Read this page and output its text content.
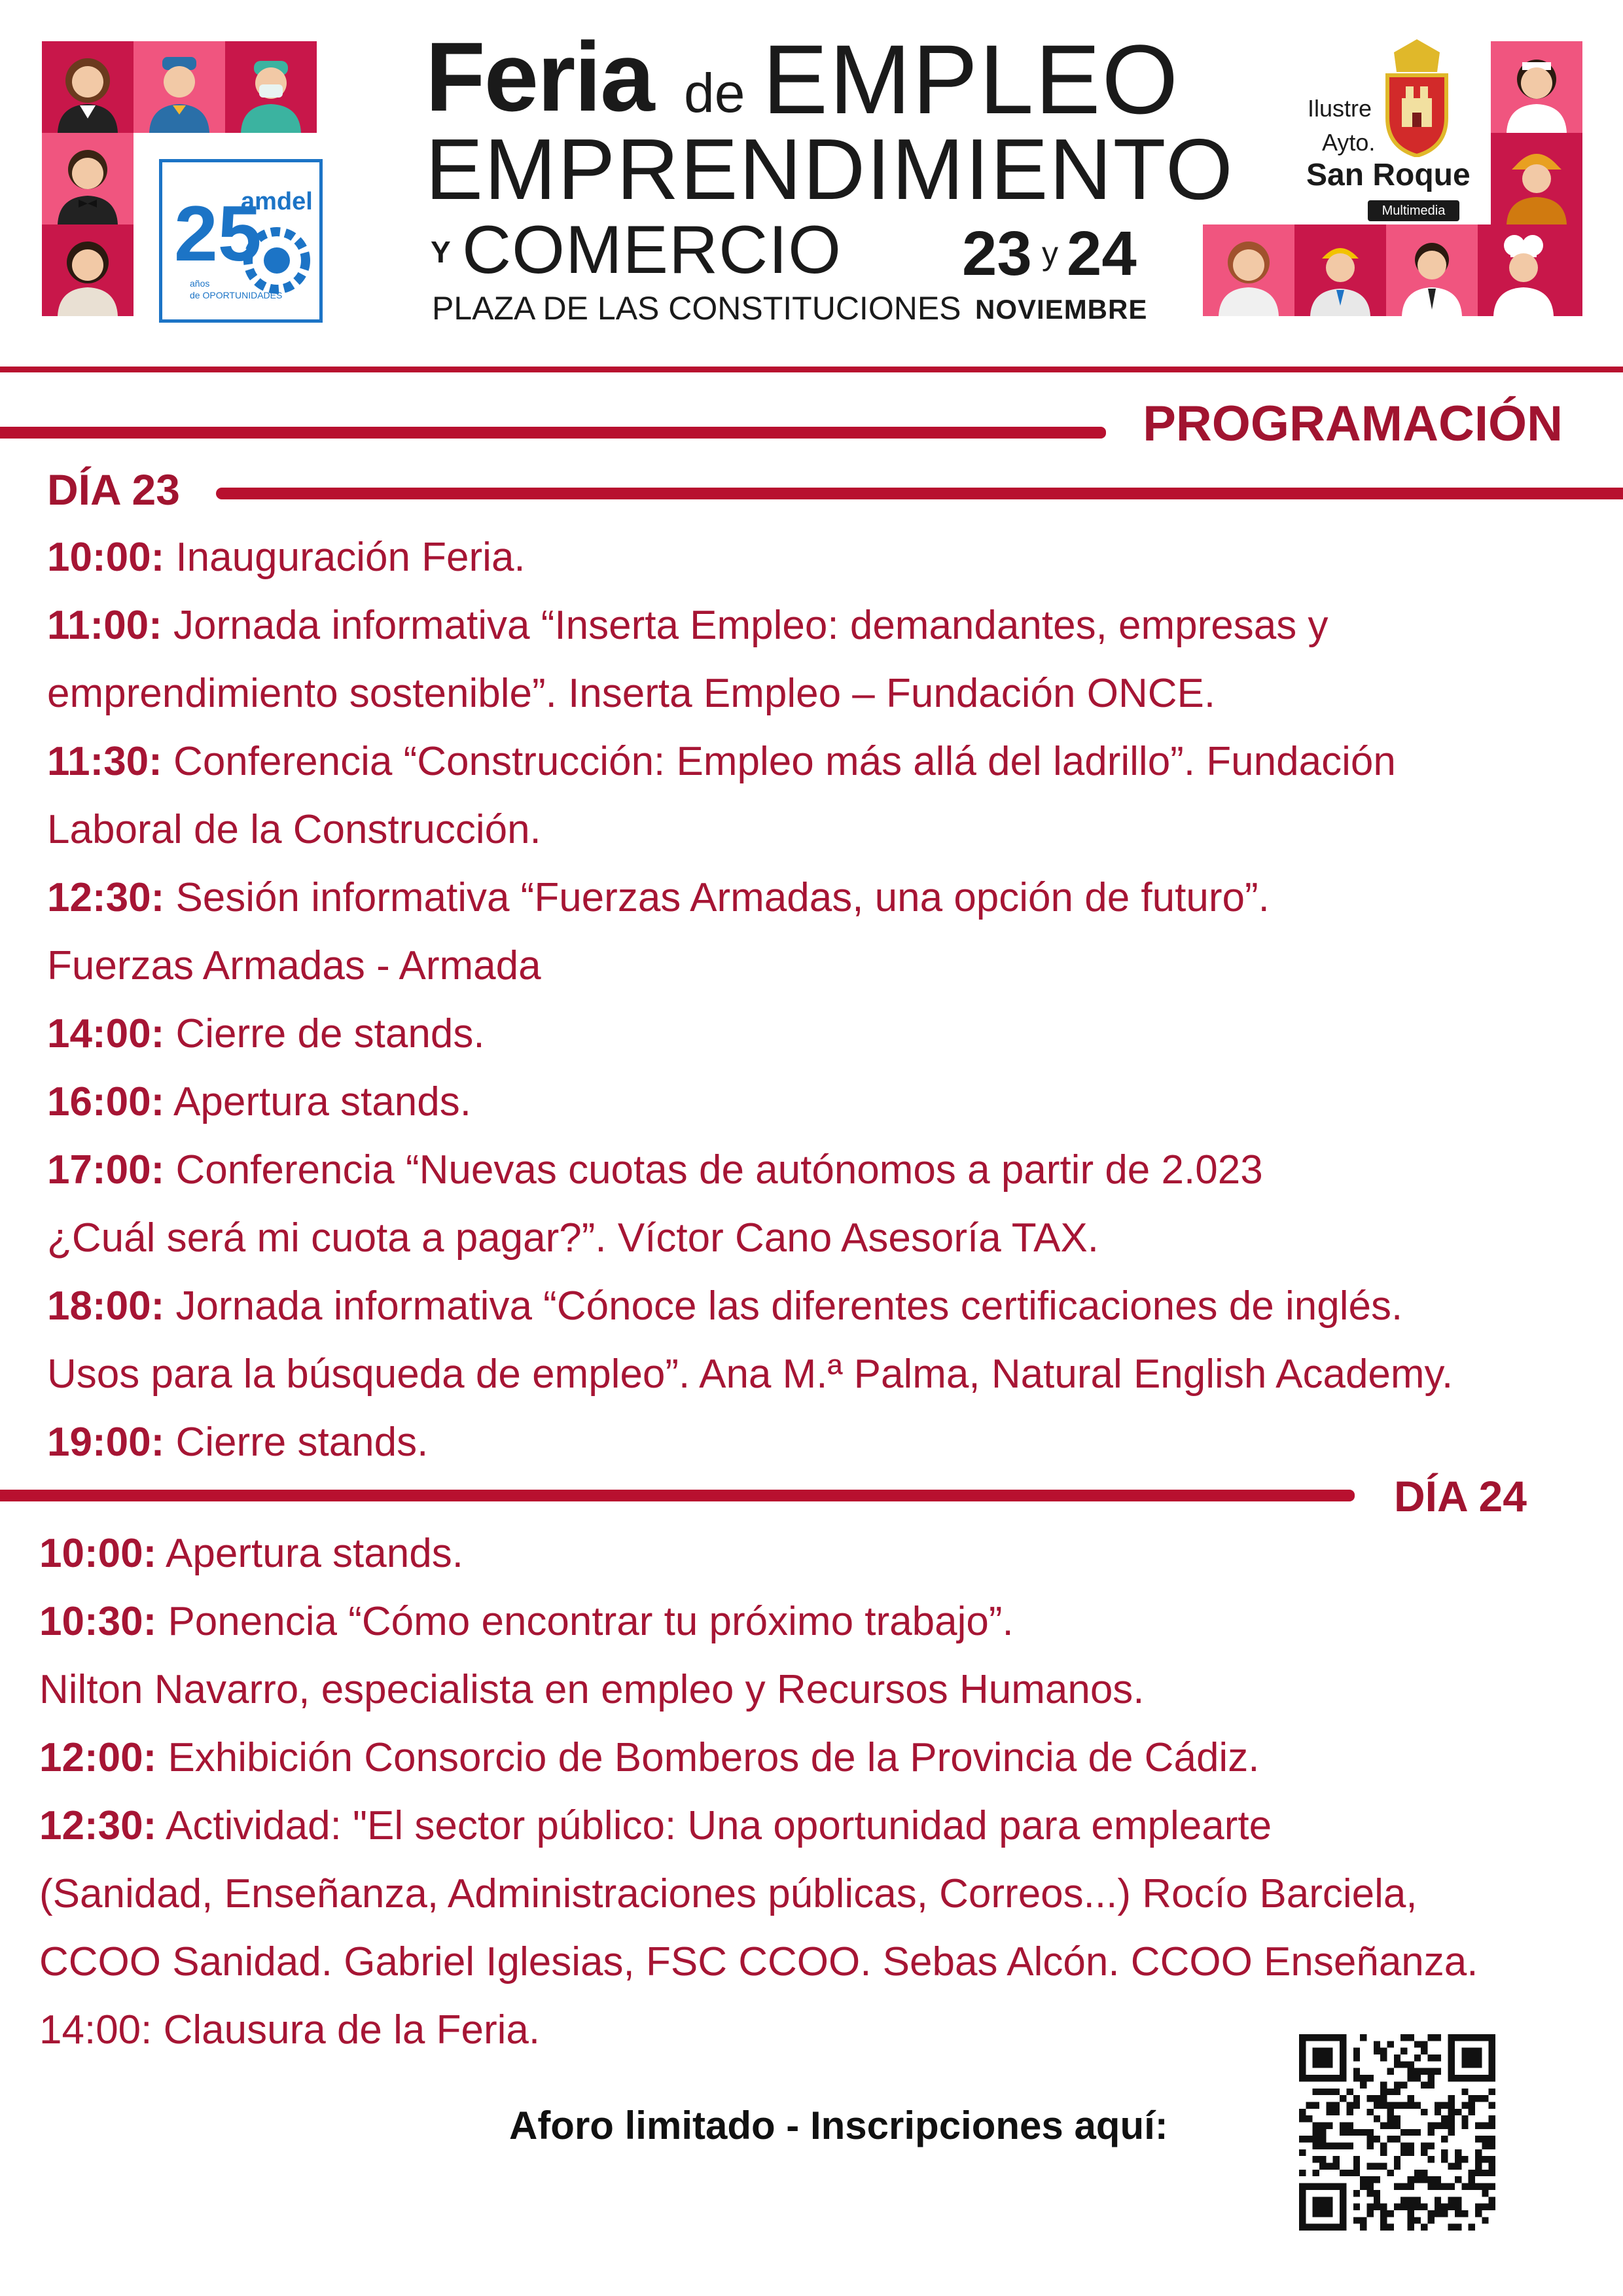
25
amdel
años
de OPORTUNIDADES
Feria de EMPLEO
EMPRENDIMIENTO
Y COMERCIO
PLAZA DE LAS CONSTITUCIONES
23 y 24
NOVIEMBRE
Ilustre
Ayto.
San Roque
Multimedia
PROGRAMACIÓN
DÍA 23
10:00: Inauguración Feria.
11:00: Jornada informativa “Inserta Empleo: demandantes, empresas y
emprendimiento sostenible”. Inserta Empleo – Fundación ONCE.
11:30: Conferencia “Construcción: Empleo más allá del ladrillo”. Fundación
Laboral de la Construcción.
12:30: Sesión informativa “Fuerzas Armadas, una opción de futuro”.
Fuerzas Armadas - Armada
14:00: Cierre de stands.
16:00: Apertura stands.
17:00: Conferencia “Nuevas cuotas de autónomos a partir de 2.023
¿Cuál será mi cuota a pagar?”. Víctor Cano Asesoría TAX.
18:00: Jornada informativa “Cónoce las diferentes certificaciones de inglés.
Usos para la búsqueda de empleo”. Ana M.ª Palma, Natural English Academy.
19:00: Cierre stands.
DÍA 24
10:00: Apertura stands.
10:30: Ponencia “Cómo encontrar tu próximo trabajo”.
Nilton Navarro, especialista en empleo y Recursos Humanos.
12:00: Exhibición Consorcio de Bomberos de la Provincia de Cádiz.
12:30: Actividad: "El sector público: Una oportunidad para emplearte
(Sanidad, Enseñanza, Administraciones públicas, Correos...) Rocío Barciela,
CCOO Sanidad. Gabriel Iglesias, FSC CCOO. Sebas Alcón. CCOO Enseñanza.
14:00: Clausura de la Feria.
Aforo limitado - Inscripciones aquí:
